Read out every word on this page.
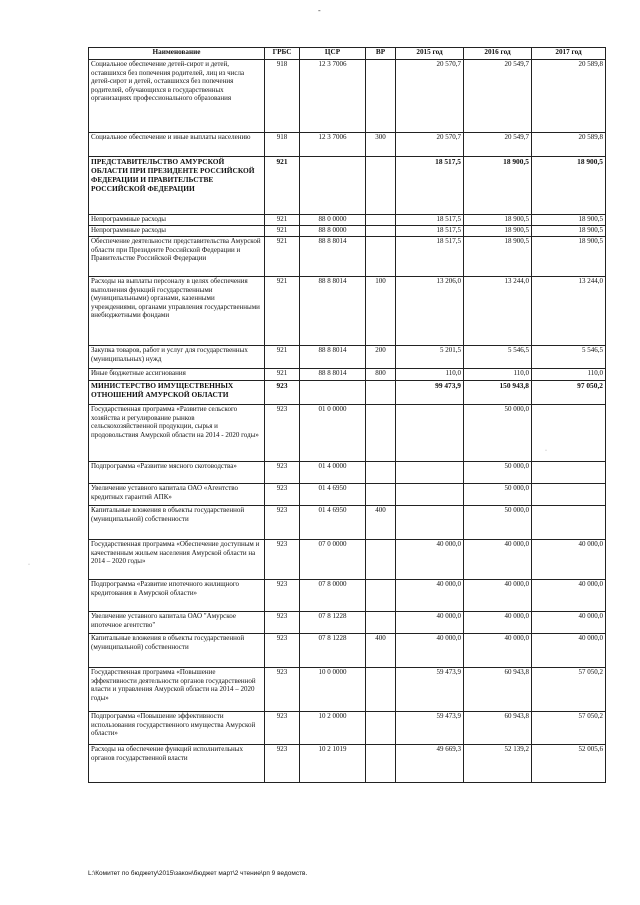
-
Наименование	ГРБС	ЦСР	ВР	2015 год	2016 год	2017 год
Социальное обеспечение детей-сирот и детей, оставшихся без попечения родителей, лиц из числа детей-сирот и детей, оставшихся без попечения родителей, обучающихся в государственных организациях профессионального образования	918	12 3 7006		20 570,7	20 549,7	20 589,8
Социальное обеспечение и иные выплаты населению	918	12 3 7006	300	20 570,7	20 549,7	20 589,8
ПРЕДСТАВИТЕЛЬСТВО АМУРСКОЙ ОБЛАСТИ ПРИ ПРЕЗИДЕНТЕ РОССИЙСКОЙ ФЕДЕРАЦИИ И ПРАВИТЕЛЬСТВЕ РОССИЙСКОЙ ФЕДЕРАЦИИ	921			18 517,5	18 900,5	18 900,5
Непрограммные расходы	921	88 0 0000		18 517,5	18 900,5	18 900,5
Непрограммные расходы	921	88 8 0000		18 517,5	18 900,5	18 900,5
Обеспечение деятельности представительства Амурской области при Президенте Российской Федерации и Правительстве Российской Федерации	921	88 8 8014		18 517,5	18 900,5	18 900,5
Расходы на выплаты персоналу в целях обеспечения выполнения функций государственными (муниципальными) органами, казенными учреждениями, органами управления государственными внебюджетными фондами	921	88 8 8014	100	13 206,0	13 244,0	13 244,0
Закупка товаров, работ и услуг для государственных (муниципальных) нужд	921	88 8 8014	200	5 201,5	5 546,5	5 546,5
Иные бюджетные ассигнования	921	88 8 8014	800	110,0	110,0	110,0
МИНИСТЕРСТВО ИМУЩЕСТВЕННЫХ ОТНОШЕНИЙ АМУРСКОЙ ОБЛАСТИ	923			99 473,9	150 943,8	97 050,2
Государственная программа «Развитие сельского хозяйства и регулирование рынков сельскохозяйственной продукции, сырья и продовольствия Амурской области на 2014 - 2020 годы»	923	01 0 0000			50 000,0	
Подпрограмма «Развитие мясного скотоводства»	923	01 4 0000			50 000,0	
Увеличение уставного капитала ОАО «Агентство кредитных гарантий АПК»	923	01 4 6950			50 000,0	
Капитальные вложения в объекты государственной (муниципальной) собственности	923	01 4 6950	400		50 000,0	
Государственная программа «Обеспечение доступным и качественным жильем населения Амурской области на 2014 – 2020 годы»	923	07 0 0000		40 000,0	40 000,0	40 000,0
Подпрограмма «Развитие ипотечного жилищного кредитования в Амурской области»	923	07 8 0000		40 000,0	40 000,0	40 000,0
Увеличение уставного капитала ОАО "Амурское ипотечное агентство"	923	07 8 1228		40 000,0	40 000,0	40 000,0
Капитальные вложения в объекты государственной (муниципальной) собственности	923	07 8 1228	400	40 000,0	40 000,0	40 000,0
Государственная программа «Повышение эффективности деятельности органов государственной власти и управления Амурской области на 2014 – 2020 годы»	923	10 0 0000		59 473,9	60 943,8	57 050,2
Подпрограмма «Повышение эффективности использования государственного имущества Амурской области»	923	10 2 0000		59 473,9	60 943,8	57 050,2
Расходы на обеспечение функций исполнительных органов государственной власти	923	10 2 1019		49 669,3	52 139,2	52 005,6
·
·
L:\Комитет по бюджету\2015\закон\бюджет март\2 чтение\рп 9 ведомств.
